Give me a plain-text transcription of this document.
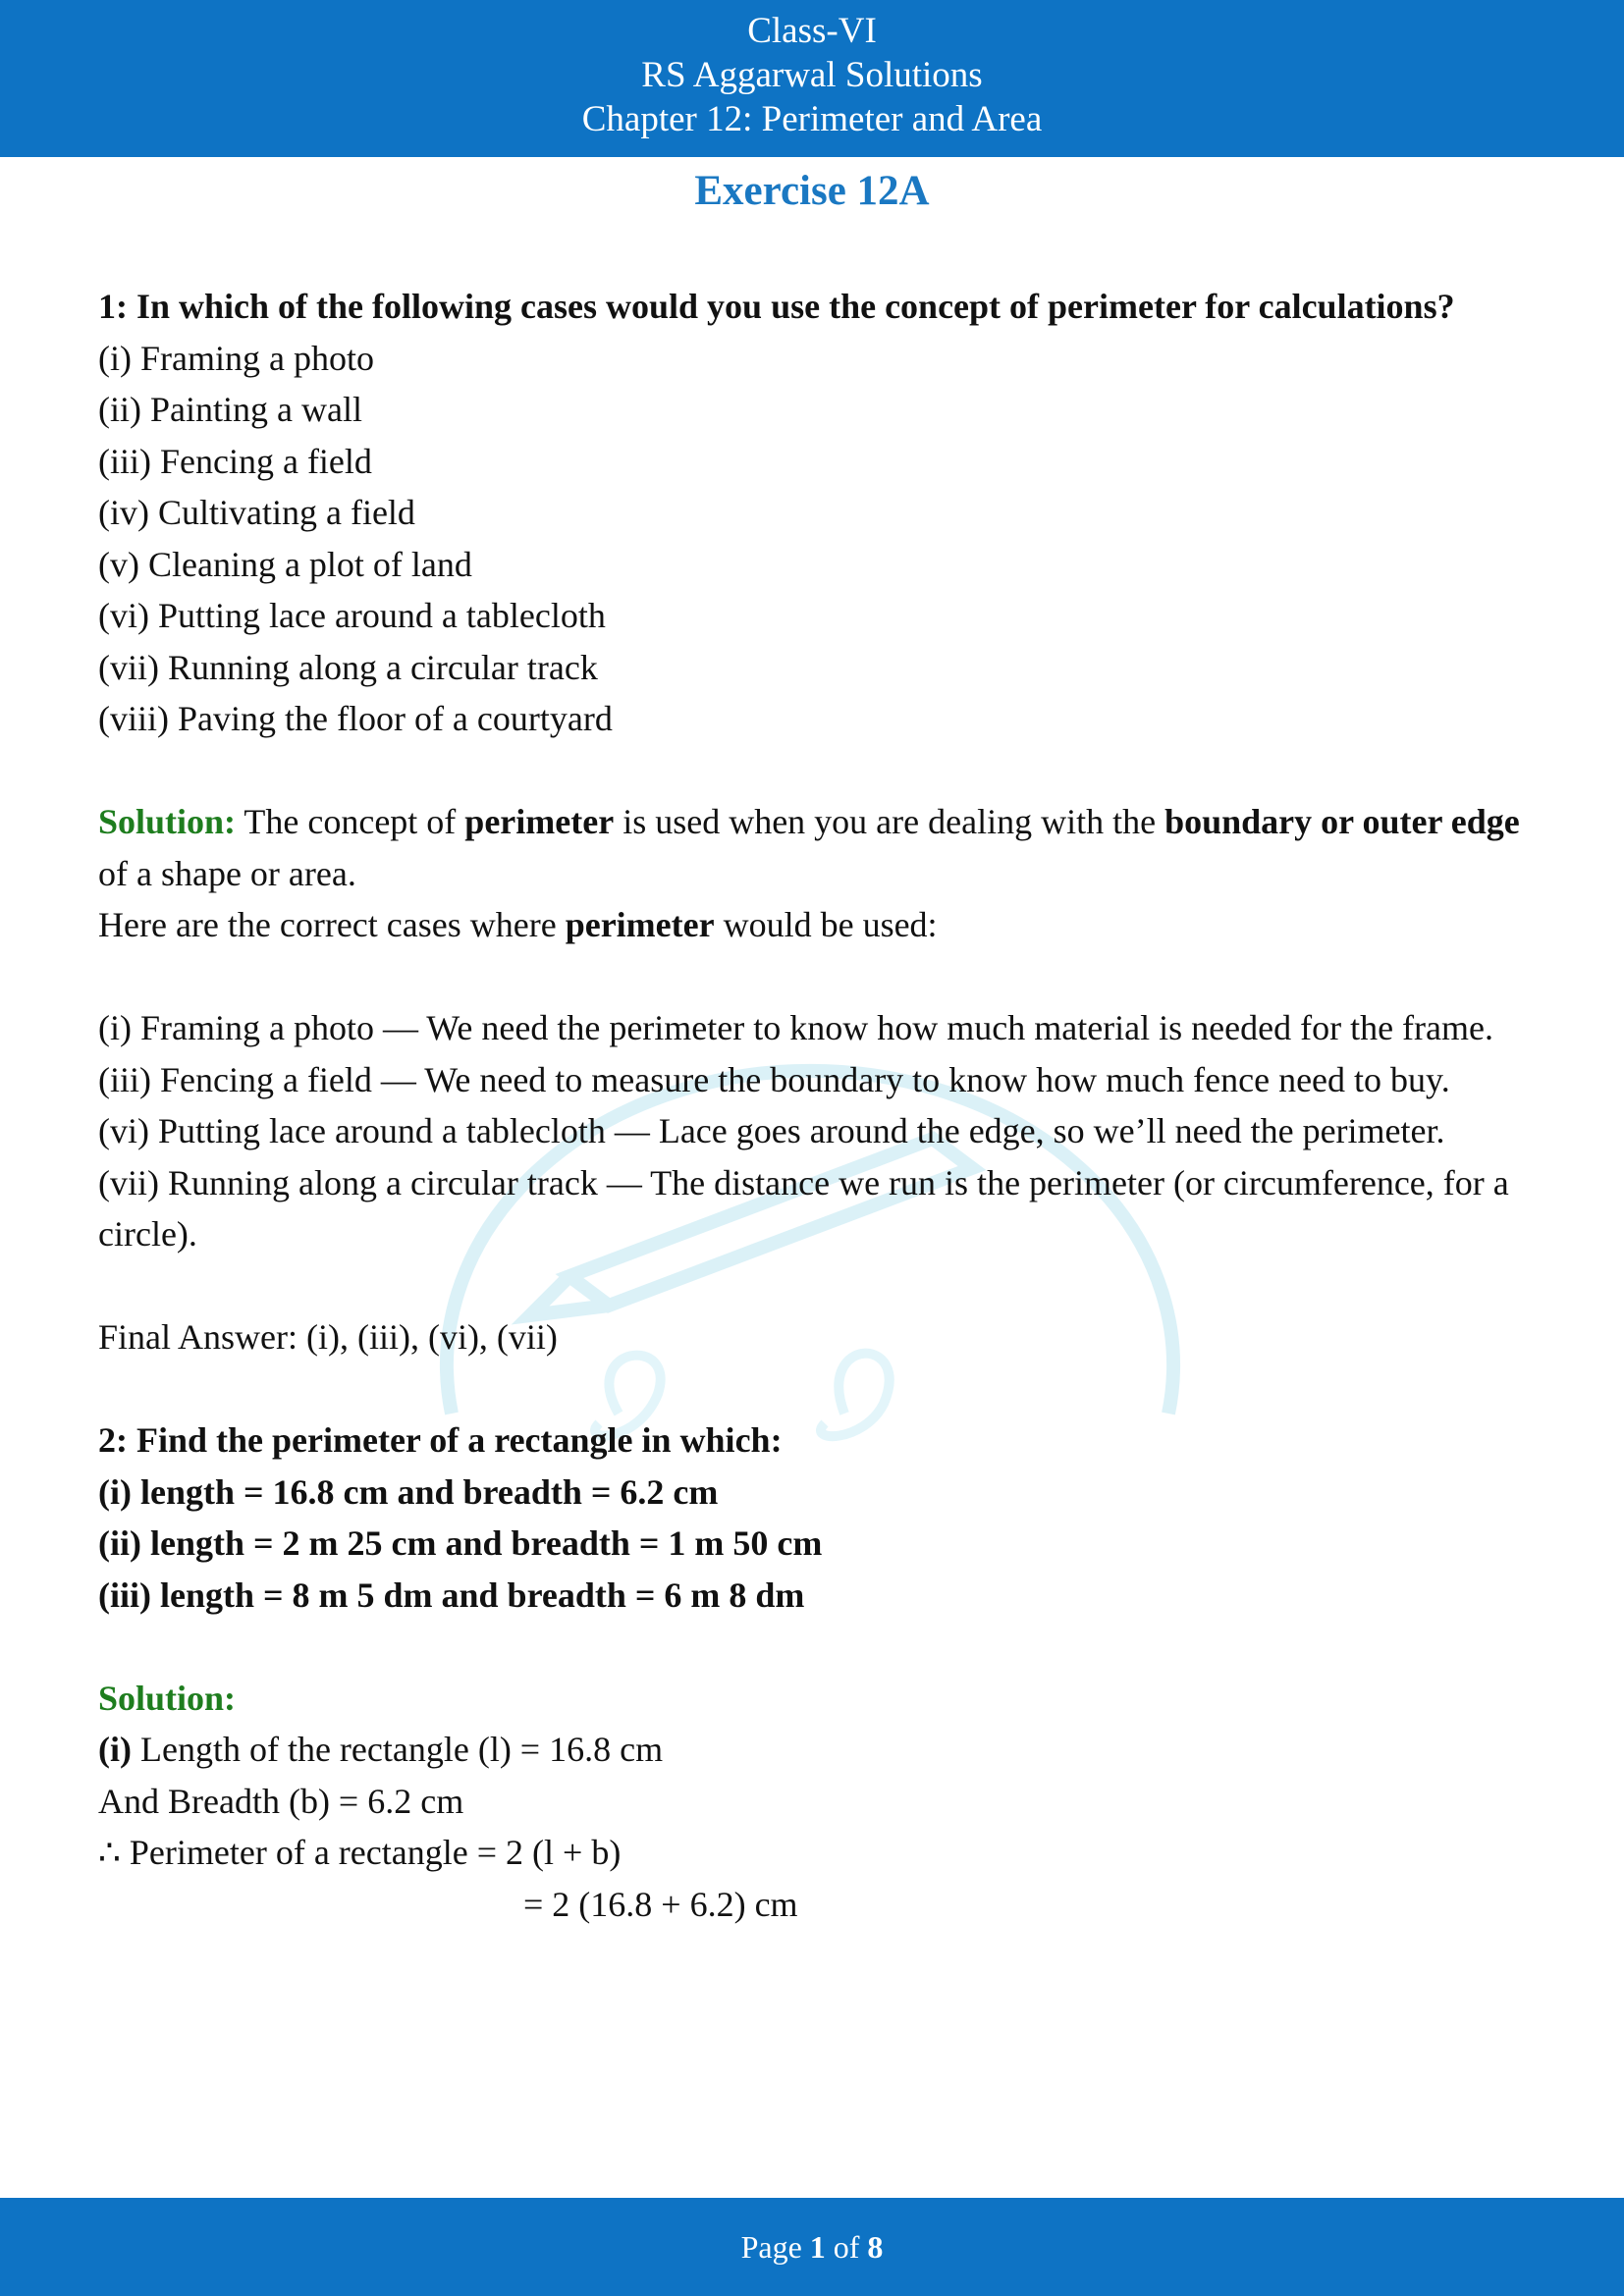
Class-VI
RS Aggarwal Solutions
Chapter 12: Perimeter and Area
Exercise 12A

1: In which of the following cases would you use the concept of perimeter for calculations?

(i) Framing a photo

(ii) Painting a wall

(iii) Fencing a field

(iv) Cultivating a field

(v) Cleaning a plot of land

(vi) Putting lace around a tablecloth

(vii) Running along a circular track

(viii) Paving the floor of a courtyard

Solution: The concept of perimeter is used when you are dealing with the boundary or outer edge of a shape or area.

Here are the correct cases where perimeter would be used:

(i) Framing a photo — We need the perimeter to know how much material is needed for the frame.

(iii) Fencing a field — We need to measure the boundary to know how much fence need to buy.

(vi) Putting lace around a tablecloth — Lace goes around the edge, so we’ll need the perimeter.

(vii) Running along a circular track — The distance we run is the perimeter (or circumference, for a circle).

Final Answer: (i), (iii), (vi), (vii)

2: Find the perimeter of a rectangle in which:

(i) length = 16.8 cm and breadth = 6.2 cm

(ii) length = 2 m 25 cm and breadth = 1 m 50 cm

(iii) length = 8 m 5 dm and breadth = 6 m 8 dm

Solution:

(i) Length of the rectangle (l) = 16.8 cm

And Breadth (b) = 6.2 cm

∴ Perimeter of a rectangle = 2 (l + b)

= 2 (16.8 + 6.2) cm

Page 1 of 8
